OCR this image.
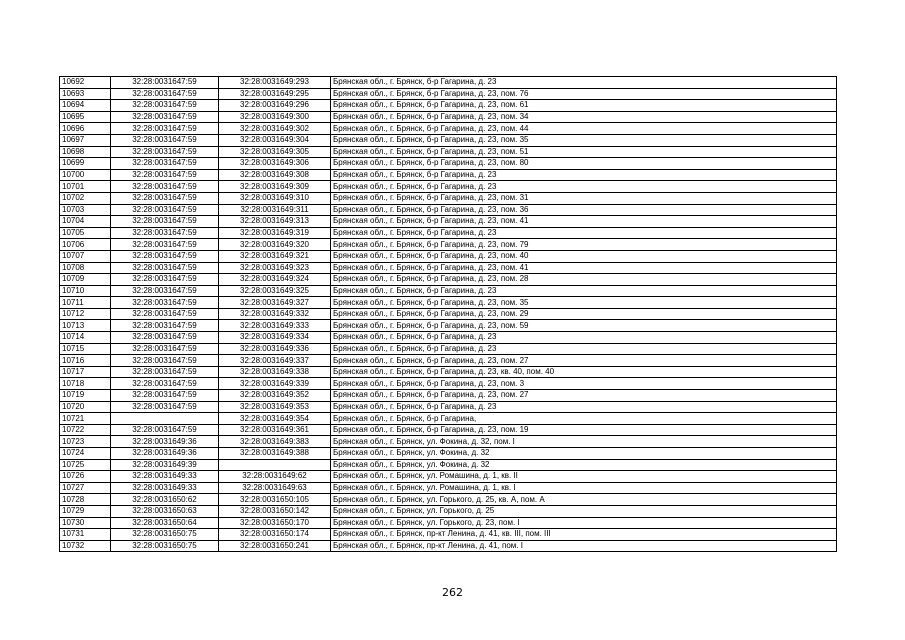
10692	32:28:0031647:59	32:28:0031649:293	Брянская обл., г. Брянск, б-р Гагарина, д. 23
10693	32:28:0031647:59	32:28:0031649:295	Брянская обл., г. Брянск, б-р Гагарина, д. 23, пом. 76
10694	32:28:0031647:59	32:28:0031649:296	Брянская обл., г. Брянск, б-р Гагарина, д. 23, пом. 61
10695	32:28:0031647:59	32:28:0031649:300	Брянская обл., г. Брянск, б-р Гагарина, д. 23, пом. 34
10696	32:28:0031647:59	32:28:0031649:302	Брянская обл., г. Брянск, б-р Гагарина, д. 23, пом. 44
10697	32:28:0031647:59	32:28:0031649:304	Брянская обл., г. Брянск, б-р Гагарина, д. 23, пом. 35
10698	32:28:0031647:59	32:28:0031649:305	Брянская обл., г. Брянск, б-р Гагарина, д. 23, пом. 51
10699	32:28:0031647:59	32:28:0031649:306	Брянская обл., г. Брянск, б-р Гагарина, д. 23, пом. 80
10700	32:28:0031647:59	32:28:0031649:308	Брянская обл., г. Брянск, б-р Гагарина, д. 23
10701	32:28:0031647:59	32:28:0031649:309	Брянская обл., г. Брянск, б-р Гагарина, д. 23
10702	32:28:0031647:59	32:28:0031649:310	Брянская обл., г. Брянск, б-р Гагарина, д. 23, пом. 31
10703	32:28:0031647:59	32:28:0031649:311	Брянская обл., г. Брянск, б-р Гагарина, д. 23, пом. 36
10704	32:28:0031647:59	32:28:0031649:313	Брянская обл., г. Брянск, б-р Гагарина, д. 23, пом. 41
10705	32:28:0031647:59	32:28:0031649:319	Брянская обл., г. Брянск, б-р Гагарина, д. 23
10706	32:28:0031647:59	32:28:0031649:320	Брянская обл., г. Брянск, б-р Гагарина, д. 23, пом. 79
10707	32:28:0031647:59	32:28:0031649:321	Брянская обл., г. Брянск, б-р Гагарина, д. 23, пом. 40
10708	32:28:0031647:59	32:28:0031649:323	Брянская обл., г. Брянск, б-р Гагарина, д. 23, пом. 41
10709	32:28:0031647:59	32:28:0031649:324	Брянская обл., г. Брянск, б-р Гагарина, д. 23, пом. 28
10710	32:28:0031647:59	32:28:0031649:325	Брянская обл., г. Брянск, б-р Гагарина, д. 23
10711	32:28:0031647:59	32:28:0031649:327	Брянская обл., г. Брянск, б-р Гагарина, д. 23, пом. 35
10712	32:28:0031647:59	32:28:0031649:332	Брянская обл., г. Брянск, б-р Гагарина, д. 23, пом. 29
10713	32:28:0031647:59	32:28:0031649:333	Брянская обл., г. Брянск, б-р Гагарина, д. 23, пом. 59
10714	32:28:0031647:59	32:28:0031649:334	Брянская обл., г. Брянск, б-р Гагарина, д. 23
10715	32:28:0031647:59	32:28:0031649:336	Брянская обл., г. Брянск, б-р Гагарина, д. 23
10716	32:28:0031647:59	32:28:0031649:337	Брянская обл., г. Брянск, б-р Гагарина, д. 23, пом. 27
10717	32:28:0031647:59	32:28:0031649:338	Брянская обл., г. Брянск, б-р Гагарина, д. 23, кв. 40, пом. 40
10718	32:28:0031647:59	32:28:0031649:339	Брянская обл., г. Брянск, б-р Гагарина, д. 23, пом. 3
10719	32:28:0031647:59	32:28:0031649:352	Брянская обл., г. Брянск, б-р Гагарина, д. 23, пом. 27
10720	32:28:0031647:59	32:28:0031649:353	Брянская обл., г. Брянск, б-р Гагарина, д. 23
10721		32:28:0031649:354	Брянская обл., г. Брянск, б-р Гагарина,
10722	32:28:0031647:59	32:28:0031649:361	Брянская обл., г. Брянск, б-р Гагарина, д. 23, пом. 19
10723	32:28:0031649:36	32:28:0031649:383	Брянская обл., г. Брянск, ул. Фокина, д. 32, пом. I
10724	32:28:0031649:36	32:28:0031649:388	Брянская обл., г. Брянск, ул. Фокина, д. 32
10725	32:28:0031649:39		Брянская обл., г. Брянск, ул. Фокина, д. 32
10726	32:28:0031649:33	32:28:0031649:62	Брянская обл., г. Брянск, ул. Ромашина, д. 1, кв. II
10727	32:28:0031649:33	32:28:0031649:63	Брянская обл., г. Брянск, ул. Ромашина, д. 1, кв. I
10728	32:28:0031650:62	32:28:0031650:105	Брянская обл., г. Брянск, ул. Горького, д. 25, кв. А, пом. А
10729	32:28:0031650:63	32:28:0031650:142	Брянская обл., г. Брянск, ул. Горького, д. 25
10730	32:28:0031650:64	32:28:0031650:170	Брянская обл., г. Брянск, ул. Горького, д. 23, пом. I
10731	32:28:0031650:75	32:28:0031650:174	Брянская обл., г. Брянск, пр-кт Ленина, д. 41, кв. III, пом. III
10732	32:28:0031650:75	32:28:0031650:241	Брянская обл., г. Брянск, пр-кт Ленина, д. 41, пом. I
262
